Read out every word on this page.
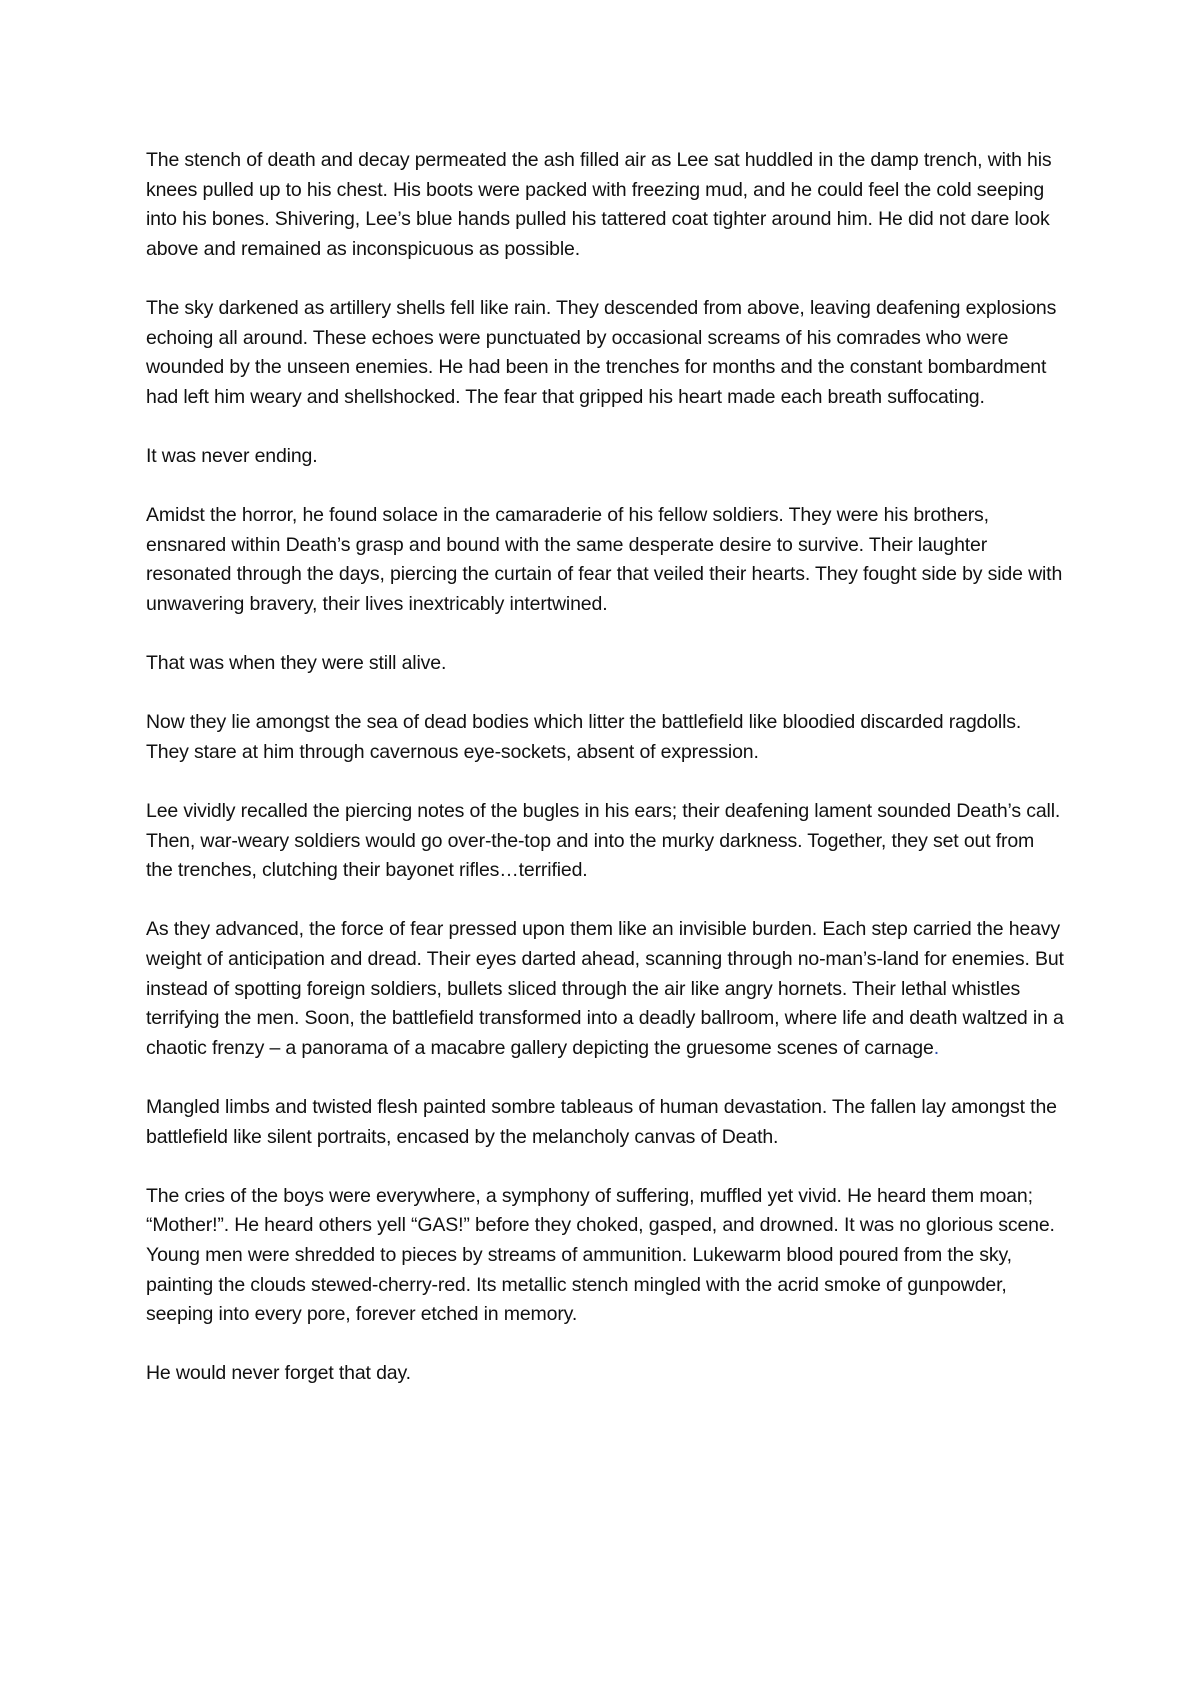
The stench of death and decay permeated the ash filled air as Lee sat huddled in the damp trench, with his knees pulled up to his chest. His boots were packed with freezing mud, and he could feel the cold seeping into his bones. Shivering, Lee’s blue hands pulled his tattered coat tighter around him. He did not dare look above and remained as inconspicuous as possible.

The sky darkened as artillery shells fell like rain. They descended from above, leaving deafening explosions echoing all around. These echoes were punctuated by occasional screams of his comrades who were wounded by the unseen enemies. He had been in the trenches for months and the constant bombardment had left him weary and shellshocked. The fear that gripped his heart made each breath suffocating.

It was never ending.

Amidst the horror, he found solace in the camaraderie of his fellow soldiers. They were his brothers, ensnared within Death’s grasp and bound with the same desperate desire to survive. Their laughter resonated through the days, piercing the curtain of fear that veiled their hearts. They fought side by side with unwavering bravery, their lives inextricably intertwined.

That was when they were still alive.

Now they lie amongst the sea of dead bodies which litter the battlefield like bloodied discarded ragdolls. They stare at him through cavernous eye-sockets, absent of expression.

Lee vividly recalled the piercing notes of the bugles in his ears; their deafening lament sounded Death’s call. Then, war-weary soldiers would go over-the-top and into the murky darkness. Together, they set out from the trenches, clutching their bayonet rifles…terrified.

As they advanced, the force of fear pressed upon them like an invisible burden. Each step carried the heavy weight of anticipation and dread. Their eyes darted ahead, scanning through no-man’s-land for enemies. But instead of spotting foreign soldiers, bullets sliced through the air like angry hornets. Their lethal whistles terrifying the men. Soon, the battlefield transformed into a deadly ballroom, where life and death waltzed in a chaotic frenzy – a panorama of a macabre gallery depicting the gruesome scenes of carnage.

Mangled limbs and twisted flesh painted sombre tableaus of human devastation. The fallen lay amongst the battlefield like silent portraits, encased by the melancholy canvas of Death.

The cries of the boys were everywhere, a symphony of suffering, muffled yet vivid. He heard them moan; “Mother!”. He heard others yell “GAS!” before they choked, gasped, and drowned. It was no glorious scene. Young men were shredded to pieces by streams of ammunition. Lukewarm blood poured from the sky, painting the clouds stewed-cherry-red. Its metallic stench mingled with the acrid smoke of gunpowder, seeping into every pore, forever etched in memory.

He would never forget that day.
